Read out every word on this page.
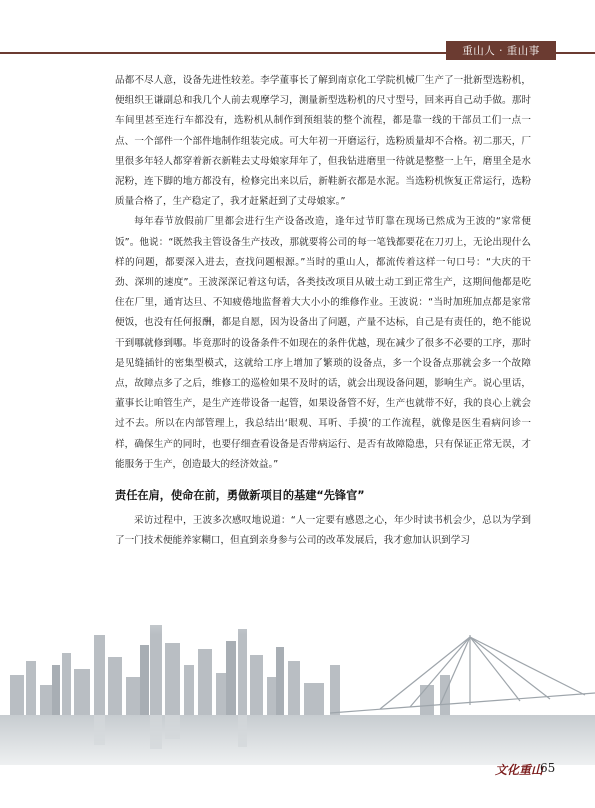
重山人 · 重山事

品都不尽人意，设备先进性较差。李学董事长了解到南京化工学院机械厂生产了一批新型选粉机，便组织王谦副总和我几个人前去观摩学习，测量新型选粉机的尺寸型号，回来再自己动手做。那时车间里甚至连行车都没有，选粉机从制作到预组装的整个流程，都是靠一线的干部员工们一点一点、一个部件一个部件地制作组装完成。可大年初一开磨运行，选粉质量却不合格。初二那天，厂里很多年轻人都穿着新衣新鞋去丈母娘家拜年了，但我钻进磨里一待就是整整一上午，磨里全是水泥粉，连下脚的地方都没有，检修完出来以后，新鞋新衣都是水泥。当选粉机恢复正常运行，选粉质量合格了，生产稳定了，我才赶紧赶到了丈母娘家。”

每年春节放假前厂里都会进行生产设备改造，逢年过节盯靠在现场已然成为王波的“家常便饭”。他说：“既然我主管设备生产技改，那就要将公司的每一笔钱都要花在刀刃上，无论出现什么样的问题，都要深入进去，查找问题根源。”当时的重山人，都流传着这样一句口号：“大庆的干劲、深圳的速度”。王波深深记着这句话，各类技改项目从破土动工到正常生产，这期间他都是吃住在厂里，通宵达旦、不知疲倦地监督着大大小小的维修作业。王波说：“当时加班加点都是家常便饭，也没有任何报酬，都是自愿，因为设备出了问题，产量不达标，自己是有责任的，绝不能说干到哪就修到哪。毕竟那时的设备条件不如现在的条件优越，现在减少了很多不必要的工序，那时是见缝插针的密集型模式，这就给工序上增加了繁琐的设备点，多一个设备点那就会多一个故障点，故障点多了之后，维修工的巡检如果不及时的话，就会出现设备问题，影响生产。说心里话，董事长让咱管生产，是生产连带设备一起管，如果设备管不好，生产也就带不好，我的良心上就会过不去。所以在内部管理上，我总结出‘眼观、耳听、手摸’的工作流程，就像是医生看病问诊一样，确保生产的同时，也要仔细查看设备是否带病运行、是否有故障隐患，只有保证正常无误，才能服务于生产，创造最大的经济效益。”

责任在肩，使命在前，勇做新项目的基建“先锋官”

采访过程中，王波多次感叹地说道：“人一定要有感恩之心，年少时读书机会少，总以为学到了一门技术便能养家糊口，但直到亲身参与公司的改革发展后，我才愈加认识到学习

文化重山
65
